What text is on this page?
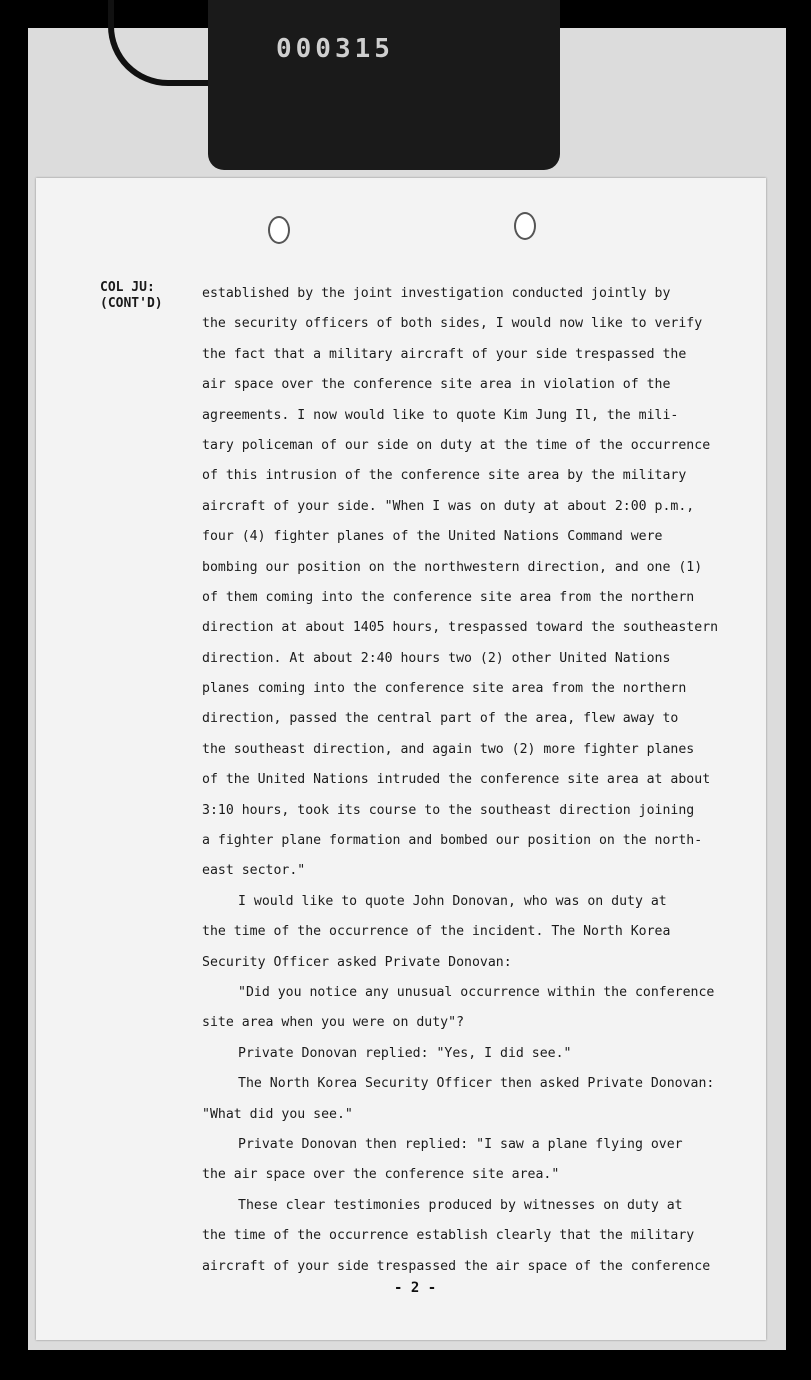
000315
COL JU:
(CONT'D)
established by the joint investigation conducted jointly by
the security officers of both sides, I would now like to verify
the fact that a military aircraft of your side trespassed the
air space over the conference site area in violation of the
agreements. I now would like to quote Kim Jung Il, the mili-
tary policeman of our side on duty at the time of the occurrence
of this intrusion of the conference site area by the military
aircraft of your side. "When I was on duty at about 2:00 p.m.,
four (4) fighter planes of the United Nations Command were
bombing our position on the northwestern direction, and one (1)
of them coming into the conference site area from the northern
direction at about 1405 hours, trespassed toward the southeastern
direction. At about 2:40 hours two (2) other United Nations
planes coming into the conference site area from the northern
direction, passed the central part of the area, flew away to
the southeast direction, and again two (2) more fighter planes
of the United Nations intruded the conference site area at about
3:10 hours, took its course to the southeast direction joining
a fighter plane formation and bombed our position on the north-
east sector."
I would like to quote John Donovan, who was on duty at
the time of the occurrence of the incident. The North Korea
Security Officer asked Private Donovan:
"Did you notice any unusual occurrence within the conference
site area when you were on duty"?
Private Donovan replied: "Yes, I did see."
The North Korea Security Officer then asked Private Donovan:
"What did you see."
Private Donovan then replied: "I saw a plane flying over
the air space over the conference site area."
These clear testimonies produced by witnesses on duty at
the time of the occurrence establish clearly that the military
aircraft of your side trespassed the air space of the conference
- 2 -
